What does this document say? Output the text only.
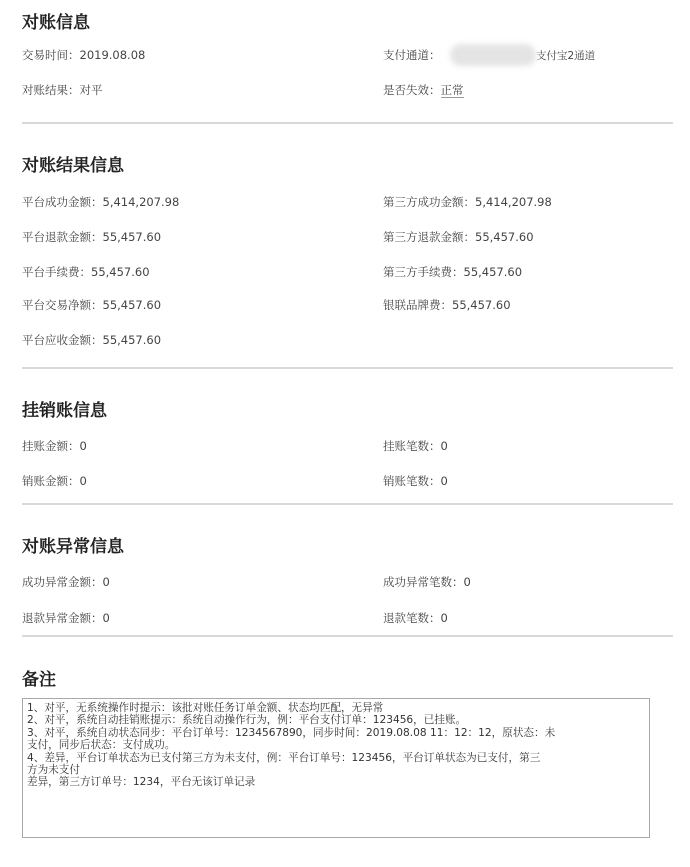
对账信息
交易时间：2019.08.08	支付通道：	支付宝2通道
对账结果：对平	是否失效：正常
对账结果信息
平台成功金额：5,414,207.98	第三方成功金额：5,414,207.98
平台退款金额：55,457.60	第三方退款金额：55,457.60
平台手续费：55,457.60	第三方手续费：55,457.60
平台交易净额：55,457.60	银联品牌费：55,457.60
平台应收金额：55,457.60
挂销账信息
挂账金额：0	挂账笔数：0
销账金额：0	销账笔数：0
对账异常信息
成功异常金额：0	成功异常笔数：0
退款异常金额：0	退款笔数：0
备注

1、对平，无系统操作时提示：该批对账任务订单金额、状态均匹配，无异常

2、对平，系统自动挂销账提示：系统自动操作行为，例：平台支付订单：123456，已挂账。

3、对平，系统自动状态同步：平台订单号：1234567890，同步时间：2019.08.08 11：12：12，原状态：未

支付，同步后状态：支付成功。

4、差异，平台订单状态为已支付第三方为未支付，例：平台订单号：123456，平台订单状态为已支付，第三

方为未支付

差异，第三方订单号：1234，平台无该订单记录
